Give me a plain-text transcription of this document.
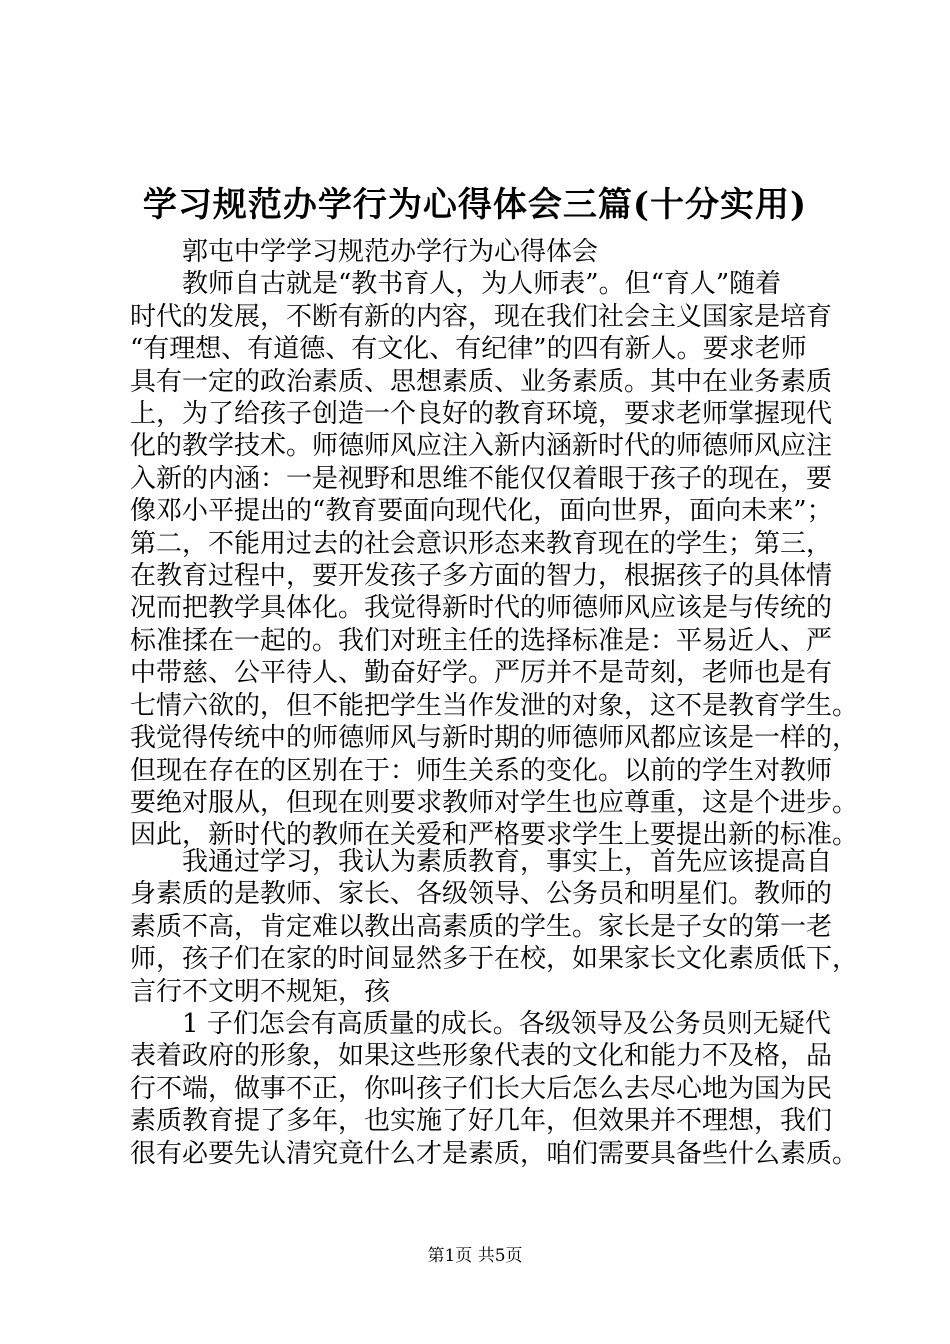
学习规范办学行为心得体会三篇(十分实用)
郭屯中学学习规范办学行为心得体会
教师自古就是“教书育人，为人师表”。但“育人”随着
时代的发展，不断有新的内容，现在我们社会主义国家是培育
“有理想、有道德、有文化、有纪律”的四有新人。要求老师
具有一定的政治素质、思想素质、业务素质。其中在业务素质
上，为了给孩子创造一个良好的教育环境，要求老师掌握现代
化的教学技术。师德师风应注入新内涵新时代的师德师风应注
入新的内涵：一是视野和思维不能仅仅着眼于孩子的现在，要
像邓小平提出的“教育要面向现代化，面向世界，面向未来”；
第二，不能用过去的社会意识形态来教育现在的学生；第三，
在教育过程中，要开发孩子多方面的智力，根据孩子的具体情
况而把教学具体化。我觉得新时代的师德师风应该是与传统的
标准揉在一起的。我们对班主任的选择标准是：平易近人、严
中带慈、公平待人、勤奋好学。严厉并不是苛刻，老师也是有
七情六欲的，但不能把学生当作发泄的对象，这不是教育学生。
我觉得传统中的师德师风与新时期的师德师风都应该是一样的，
但现在存在的区别在于：师生关系的变化。以前的学生对教师
要绝对服从，但现在则要求教师对学生也应尊重，这是个进步。
因此，新时代的教师在关爱和严格要求学生上要提出新的标准。
我通过学习，我认为素质教育，事实上，首先应该提高自
身素质的是教师、家长、各级领导、公务员和明星们。教师的
素质不高，肯定难以教出高素质的学生。家长是子女的第一老
师，孩子们在家的时间显然多于在校，如果家长文化素质低下，
言行不文明不规矩，孩
1 子们怎会有高质量的成长。各级领导及公务员则无疑代
表着政府的形象，如果这些形象代表的文化和能力不及格，品
行不端，做事不正，你叫孩子们长大后怎么去尽心地为国为民
素质教育提了多年，也实施了好几年，但效果并不理想，我们
很有必要先认清究竟什么才是素质，咱们需要具备些什么素质。
第1页 共5页
